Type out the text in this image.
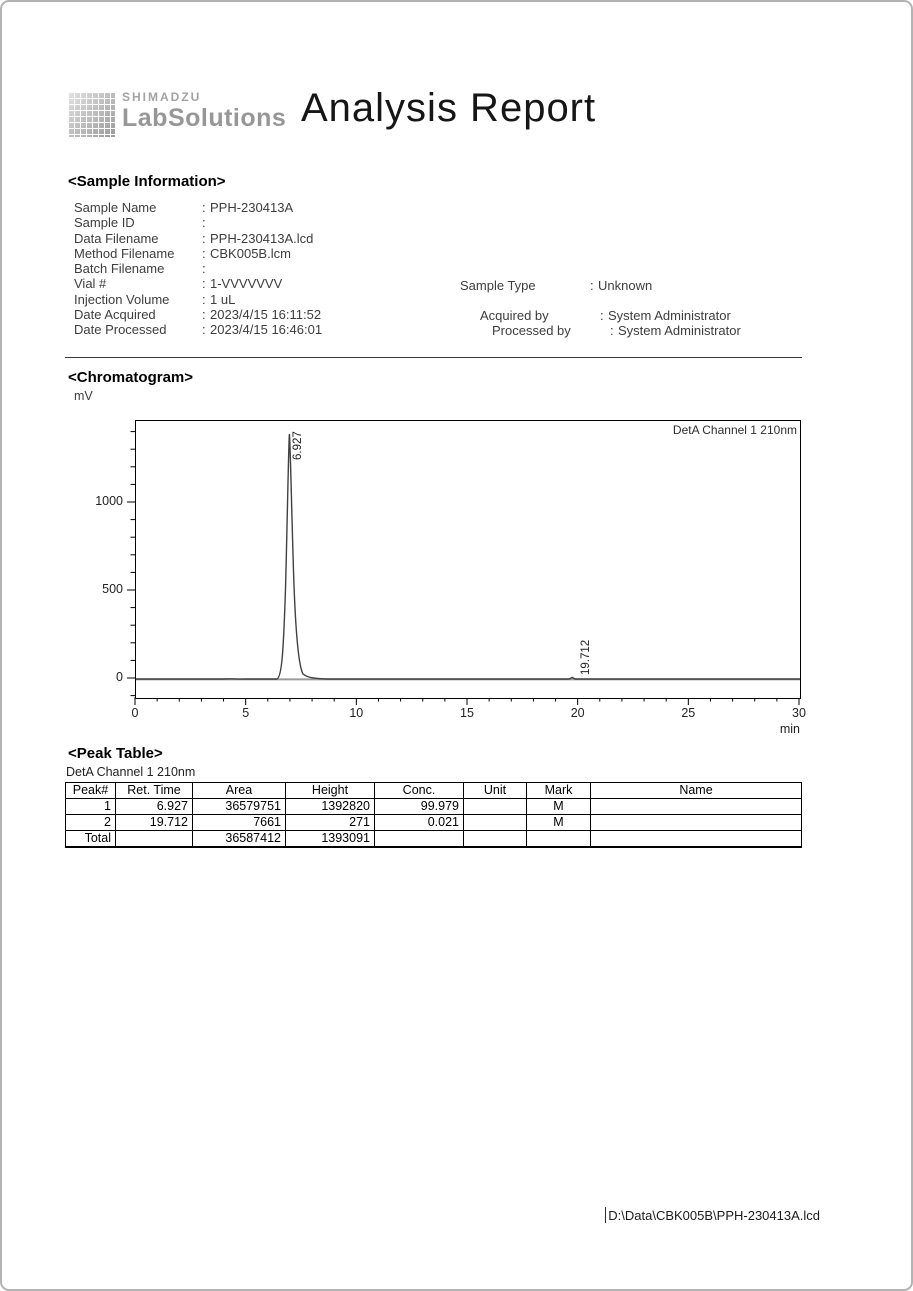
SHIMADZU
LabSolutions Analysis Report
<Sample Information>
Sample Name	: PPH-230413A
Sample ID	:
Data Filename	: PPH-230413A.lcd
Method Filename : CBK005B.lcm
Batch Filename	:
Vial #	: 1-VVVVVVV
Injection Volume	: 1 uL
Date Acquired	: 2023/4/15 16:11:52
Date Processed	: 2023/4/15 16:46:01
Sample Type	: Unknown
Acquired by	: System Administrator
Processed by	: System Administrator
<Chromatogram>
mV
DetA Channel 1 210nm
1000
500
0
0	5	10	15	20	25	30
min
6.927
19.712
<Peak Table>
DetA Channel 1 210nm
Peak#	Ret. Time	Area	Height	Conc.	Unit	Mark	Name
1	6.927	36579751	1392820	99.979		M	
2	19.712	7661	271	0.021		M	
Total		36587412	1393091				
D:\Data\CBK005B\PPH-230413A.lcd
